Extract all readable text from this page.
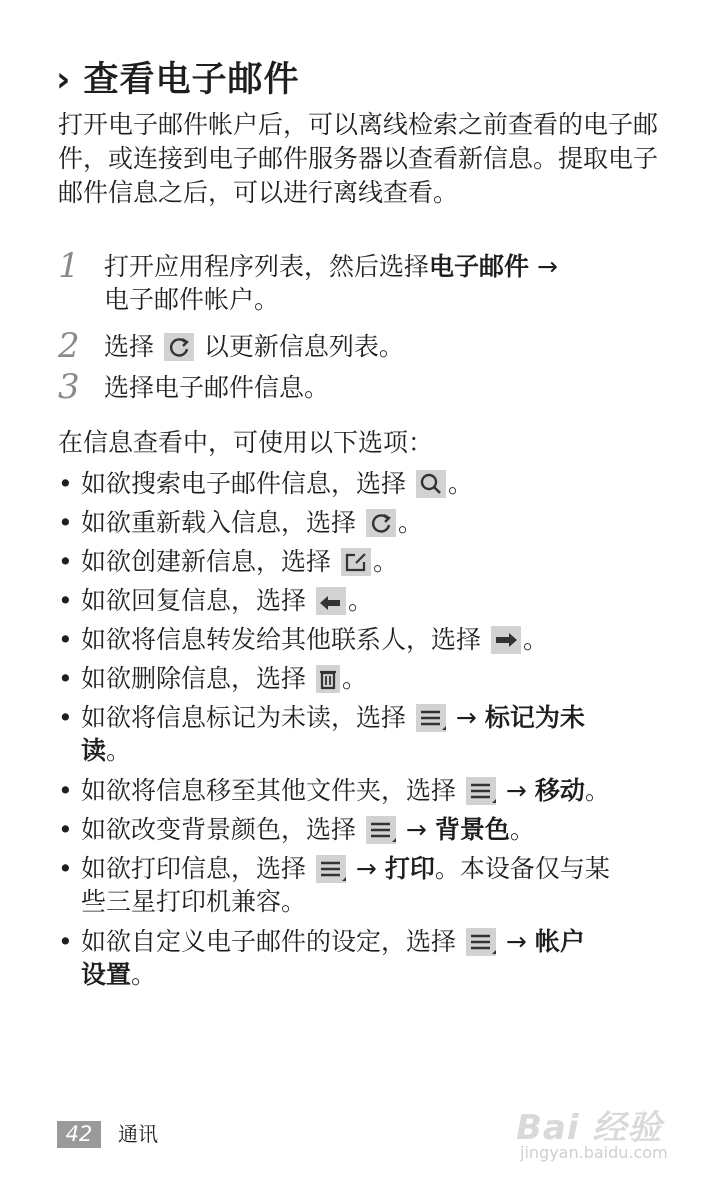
› 查看电子邮件
打开电子邮件帐户后，可以离线检索之前查看的电子邮件，或连接到电子邮件服务器以查看新信息。提取电子邮件信息之后，可以进行离线查看。
1 打开应用程序列表，然后选择电子邮件 →
电子邮件帐户。
2 选择 以更新信息列表。
3 选择电子邮件信息。
在信息查看中，可使用以下选项：
• 如欲搜索电子邮件信息，选择 。
• 如欲重新载入信息，选择 。
• 如欲创建新信息，选择 。
• 如欲回复信息，选择 。
• 如欲将信息转发给其他联系人，选择 。
• 如欲删除信息，选择 。
• 如欲将信息标记为未读，选择
→ 标记为未
读。
• 如欲将信息移至其他文件夹，选择
→ 移动。
• 如欲改变背景颜色，选择
→ 背景色。
• 如欲打印信息，选择
→ 打印。本设备仅与某
些三星打印机兼容。
• 如欲自定义电子邮件的设定，选择
→ 帐户
设置。
42	通讯	Bai 经验
jingyan.baidu.com
